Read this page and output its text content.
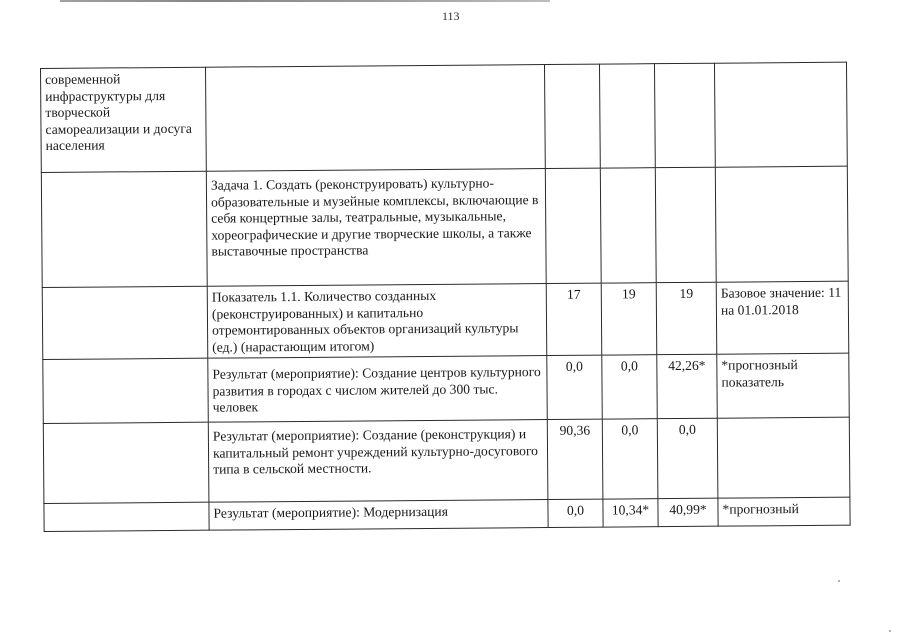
113
современной инфраструктуры для творческой самореализации и досуга населения					

	Задача 1. Создать (реконструировать) культурно-образовательные и музейные комплексы, включающие в себя концертные залы, театральные, музыкальные, хореографические и другие творческие школы, а также выставочные пространства				

	Показатель 1.1. Количество созданных (реконструированных) и капитально отремонтированных объектов организаций культуры (ед.) (нарастающим итогом)	17	19	19	Базовое значение: 11 на 01.01.2018

	Результат (мероприятие): Создание центров культурного развития в городах с числом жителей до 300 тыс. человек	0,0	0,0	42,26*	*прогнозный показатель

	Результат (мероприятие): Создание (реконструкция) и капитальный ремонт учреждений культурно-досугового типа в сельской местности.	90,36	0,0	0,0	

	Результат (мероприятие): Модернизация	0,0	10,34*	40,99*	*прогнозный
